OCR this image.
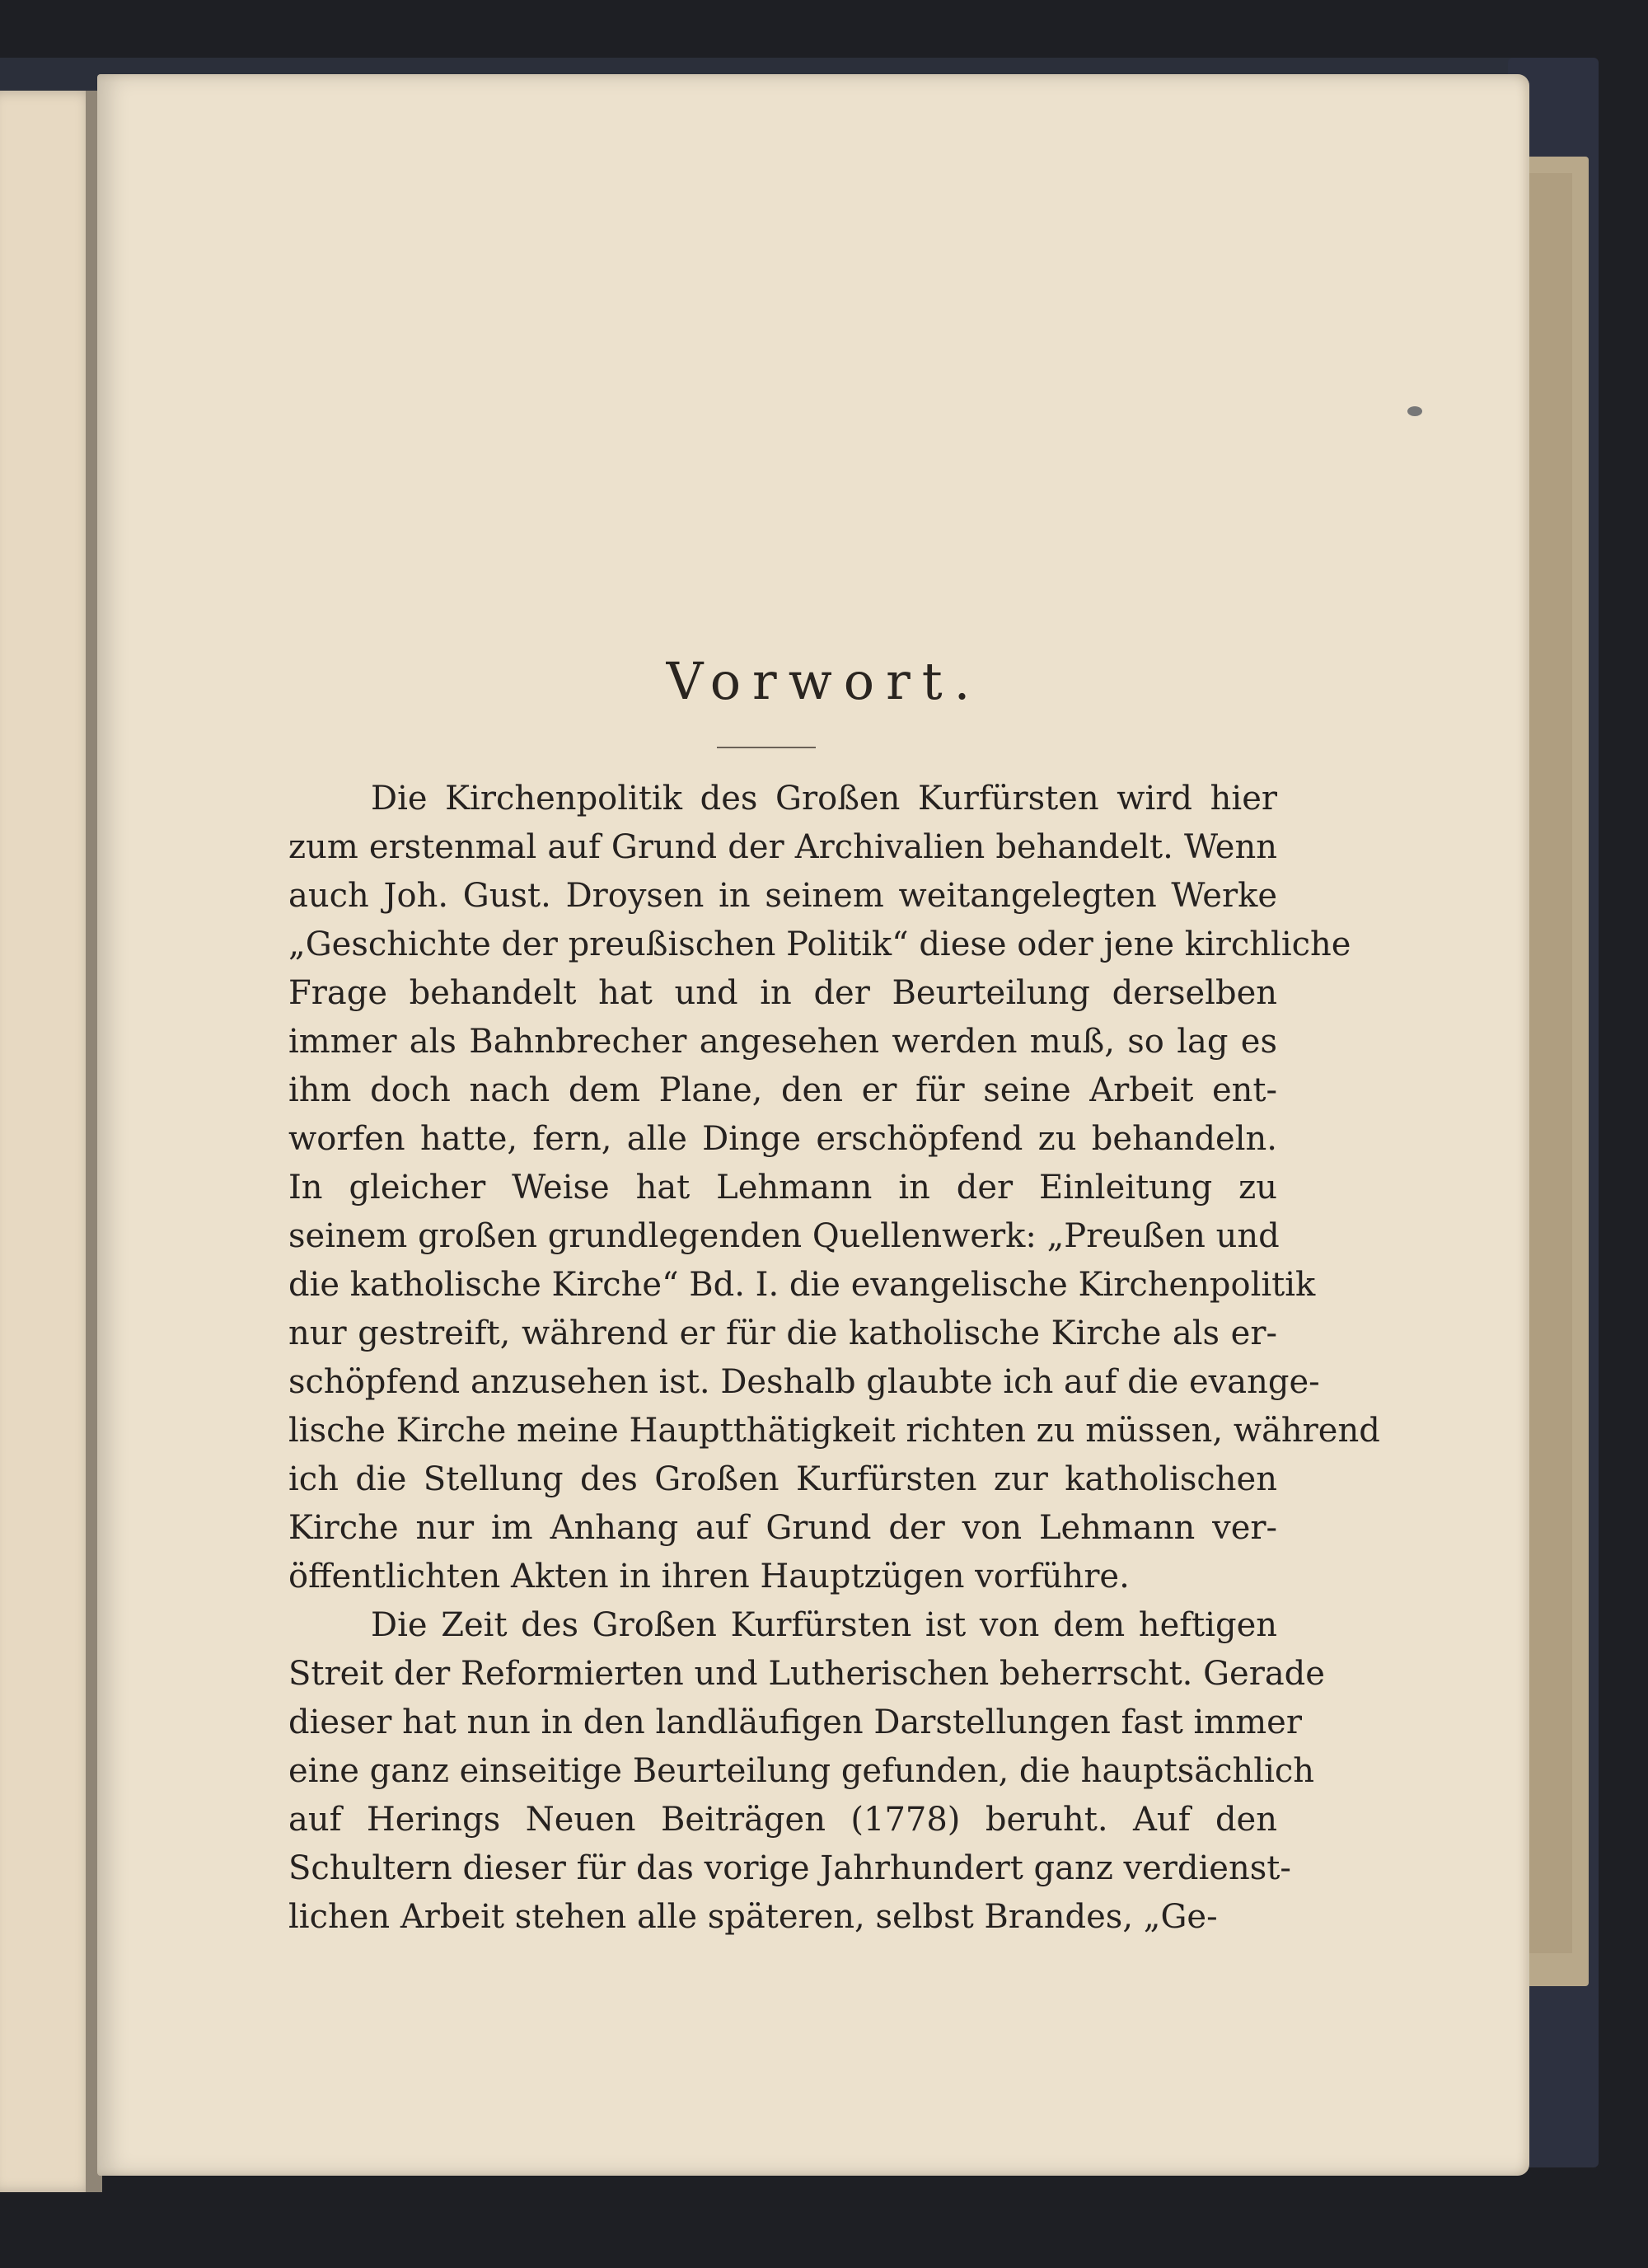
Vorwort.
Die Kirchenpolitik des Großen Kurfürsten wird hier
zum erstenmal auf Grund der Archivalien behandelt. Wenn
auch Joh. Gust. Droysen in seinem weitangelegten Werke
„Geschichte der preußischen Politik“ diese oder jene kirchliche
Frage behandelt hat und in der Beurteilung derselben
immer als Bahnbrecher angesehen werden muß, so lag es
ihm doch nach dem Plane, den er für seine Arbeit ent-
worfen hatte, fern, alle Dinge erschöpfend zu behandeln.
In gleicher Weise hat Lehmann in der Einleitung zu
seinem großen grundlegenden Quellenwerk: „Preußen und
die katholische Kirche“ Bd. I. die evangelische Kirchenpolitik
nur gestreift, während er für die katholische Kirche als er-
schöpfend anzusehen ist. Deshalb glaubte ich auf die evange-
lische Kirche meine Hauptthätigkeit richten zu müssen, während
ich die Stellung des Großen Kurfürsten zur katholischen
Kirche nur im Anhang auf Grund der von Lehmann ver-
öffentlichten Akten in ihren Hauptzügen vorführe.
Die Zeit des Großen Kurfürsten ist von dem heftigen
Streit der Reformierten und Lutherischen beherrscht. Gerade
dieser hat nun in den landläufigen Darstellungen fast immer
eine ganz einseitige Beurteilung gefunden, die hauptsächlich
auf Herings Neuen Beiträgen (1778) beruht. Auf den
Schultern dieser für das vorige Jahrhundert ganz verdienst-
lichen Arbeit stehen alle späteren, selbst Brandes, „Ge-
